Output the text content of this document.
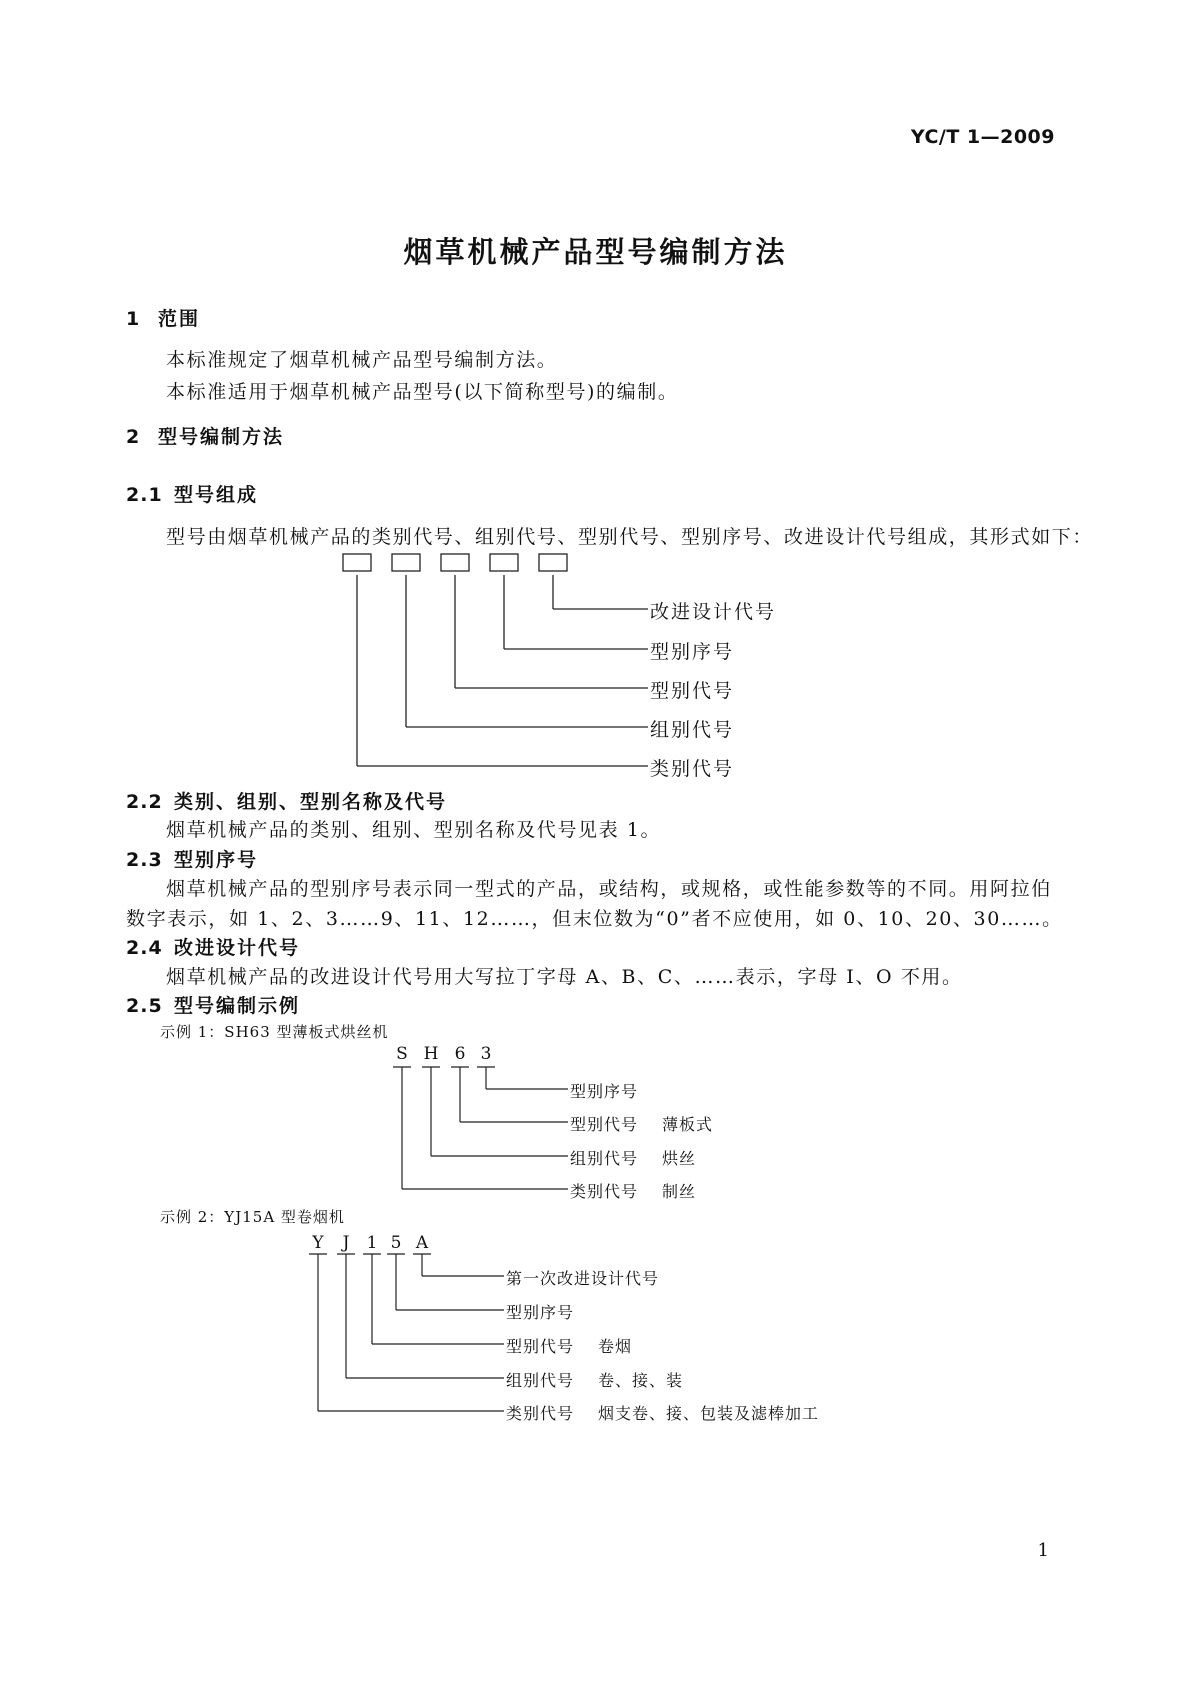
YC/T 1—2009
烟草机械产品型号编制方法
1 范围
本标准规定了烟草机械产品型号编制方法。
本标准适用于烟草机械产品型号(以下简称型号)的编制。
2 型号编制方法
2.1 型号组成
型号由烟草机械产品的类别代号、组别代号、型别代号、型别序号、改进设计代号组成，其形式如下：
改进设计代号
型别序号
型别代号
组别代号
类别代号
2.2 类别、组别、型别名称及代号
烟草机械产品的类别、组别、型别名称及代号见表 1。
2.3 型别序号
烟草机械产品的型别序号表示同一型式的产品，或结构，或规格，或性能参数等的不同。用阿拉伯
数字表示，如 1、2、3……9、11、12……，但末位数为“0”者不应使用，如 0、10、20、30……。
2.4 改进设计代号
烟草机械产品的改进设计代号用大写拉丁字母 A、B、C、……表示，字母 I、O 不用。
2.5 型号编制示例
示例 1：SH63 型薄板式烘丝机
S H 6 3
型别序号
型别代号 薄板式
组别代号 烘丝
类别代号 制丝
示例 2：YJ15A 型卷烟机
Y	J	1 5 A
第一次改进设计代号
型别序号
型别代号 卷烟
组别代号 卷、接、装
类别代号 烟支卷、接、包装及滤棒加工
1
